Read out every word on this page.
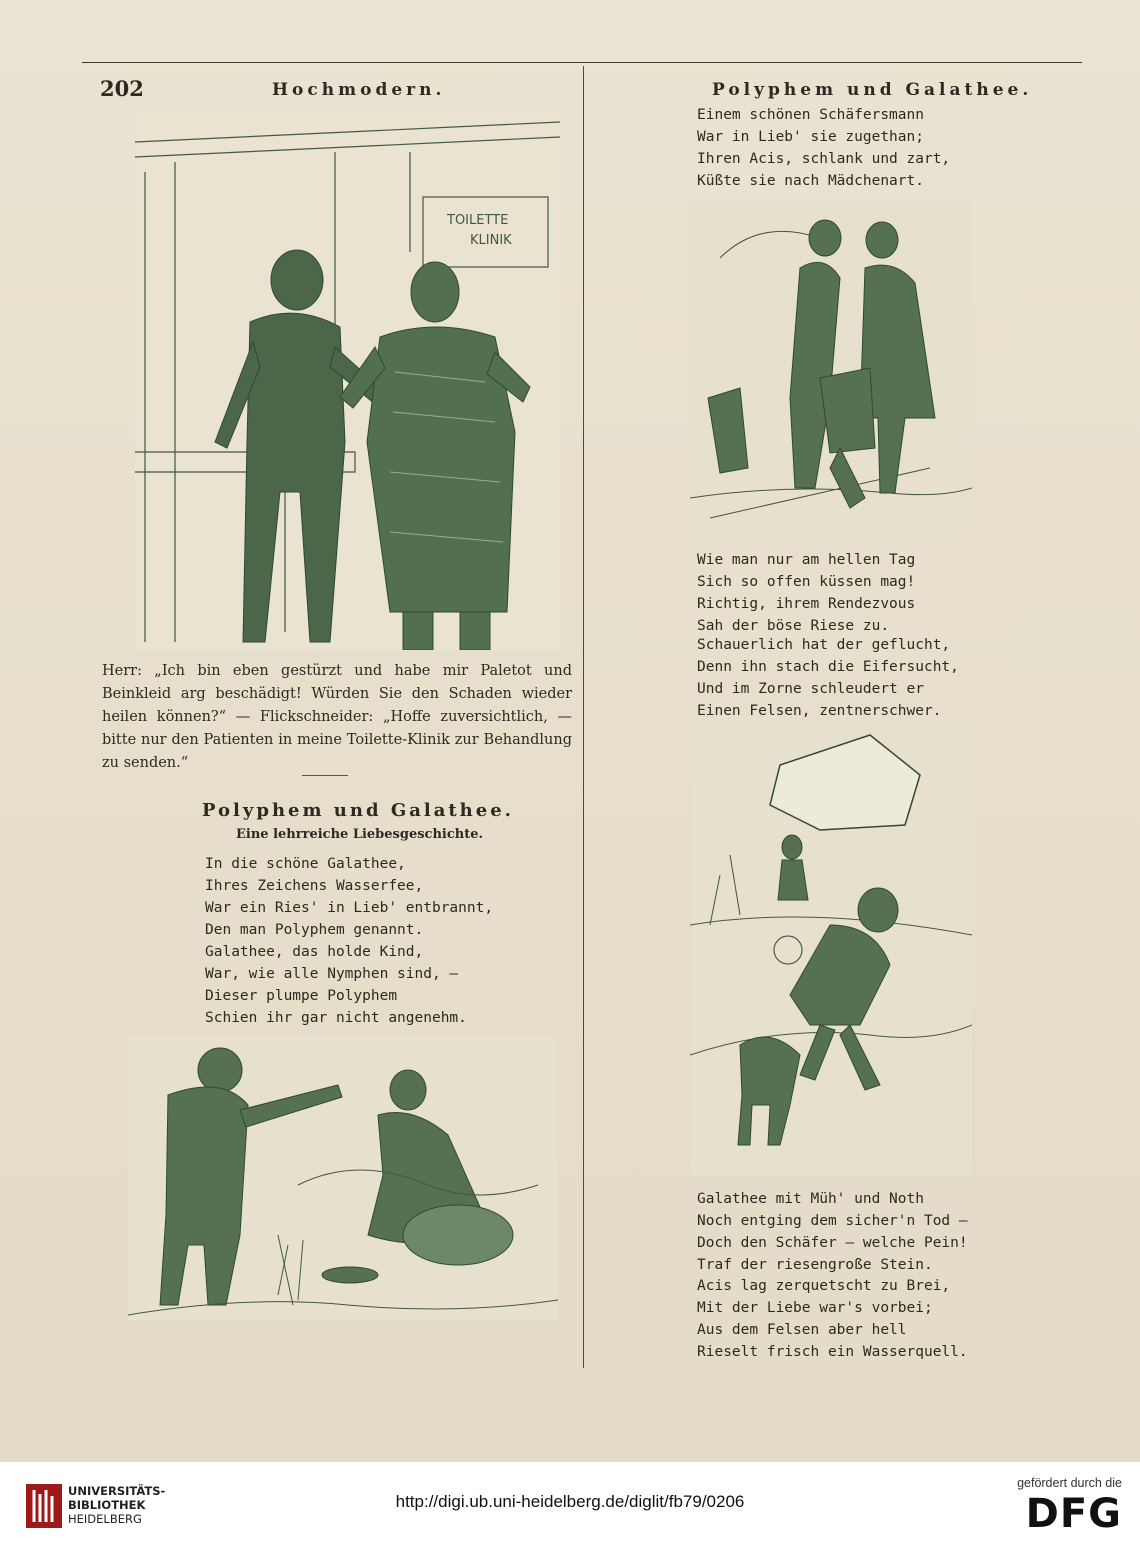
202	Hochmodern.	Polyphem und Galathee.
TOILETTE
KLINIK

Herr: „Ich bin eben gestürzt und habe mir Paletot und Beinkleid arg beschädigt! Würden Sie den Schaden wieder heilen können?“ — Flickschneider: „Hoffe zuversichtlich, — bitte nur den Patienten in meine Toilette-Klinik zur Behandlung zu senden.“

Polyphem und Galathee.
Eine lehrreiche Liebesgeschichte.
In die schöne Galathee,
Ihres Zeichens Wasserfee,
War ein Ries' in Lieb' entbrannt,
Den man Polyphem genannt.
Galathee, das holde Kind,
War, wie alle Nymphen sind, —
Dieser plumpe Polyphem
Schien ihr gar nicht angenehm.
Einem schönen Schäfersmann
War in Lieb' sie zugethan;
Ihren Acis, schlank und zart,
Küßte sie nach Mädchenart.
Wie man nur am hellen Tag
Sich so offen küssen mag!
Richtig, ihrem Rendezvous
Sah der böse Riese zu.
Schauerlich hat der geflucht,
Denn ihn stach die Eifersucht,
Und im Zorne schleudert er
Einen Felsen, zentnerschwer.
Galathee mit Müh' und Noth
Noch entging dem sicher'n Tod —
Doch den Schäfer — welche Pein!
Traf der riesengroße Stein.
Acis lag zerquetscht zu Brei,
Mit der Liebe war's vorbei;
Aus dem Felsen aber hell
Rieselt frisch ein Wasserquell.
UNIVERSITÄTS-
BIBLIOTHEK
HEIDELBERG
http://digi.ub.uni-heidelberg.de/diglit/fb79/0206
gefördert durch die
DFG
